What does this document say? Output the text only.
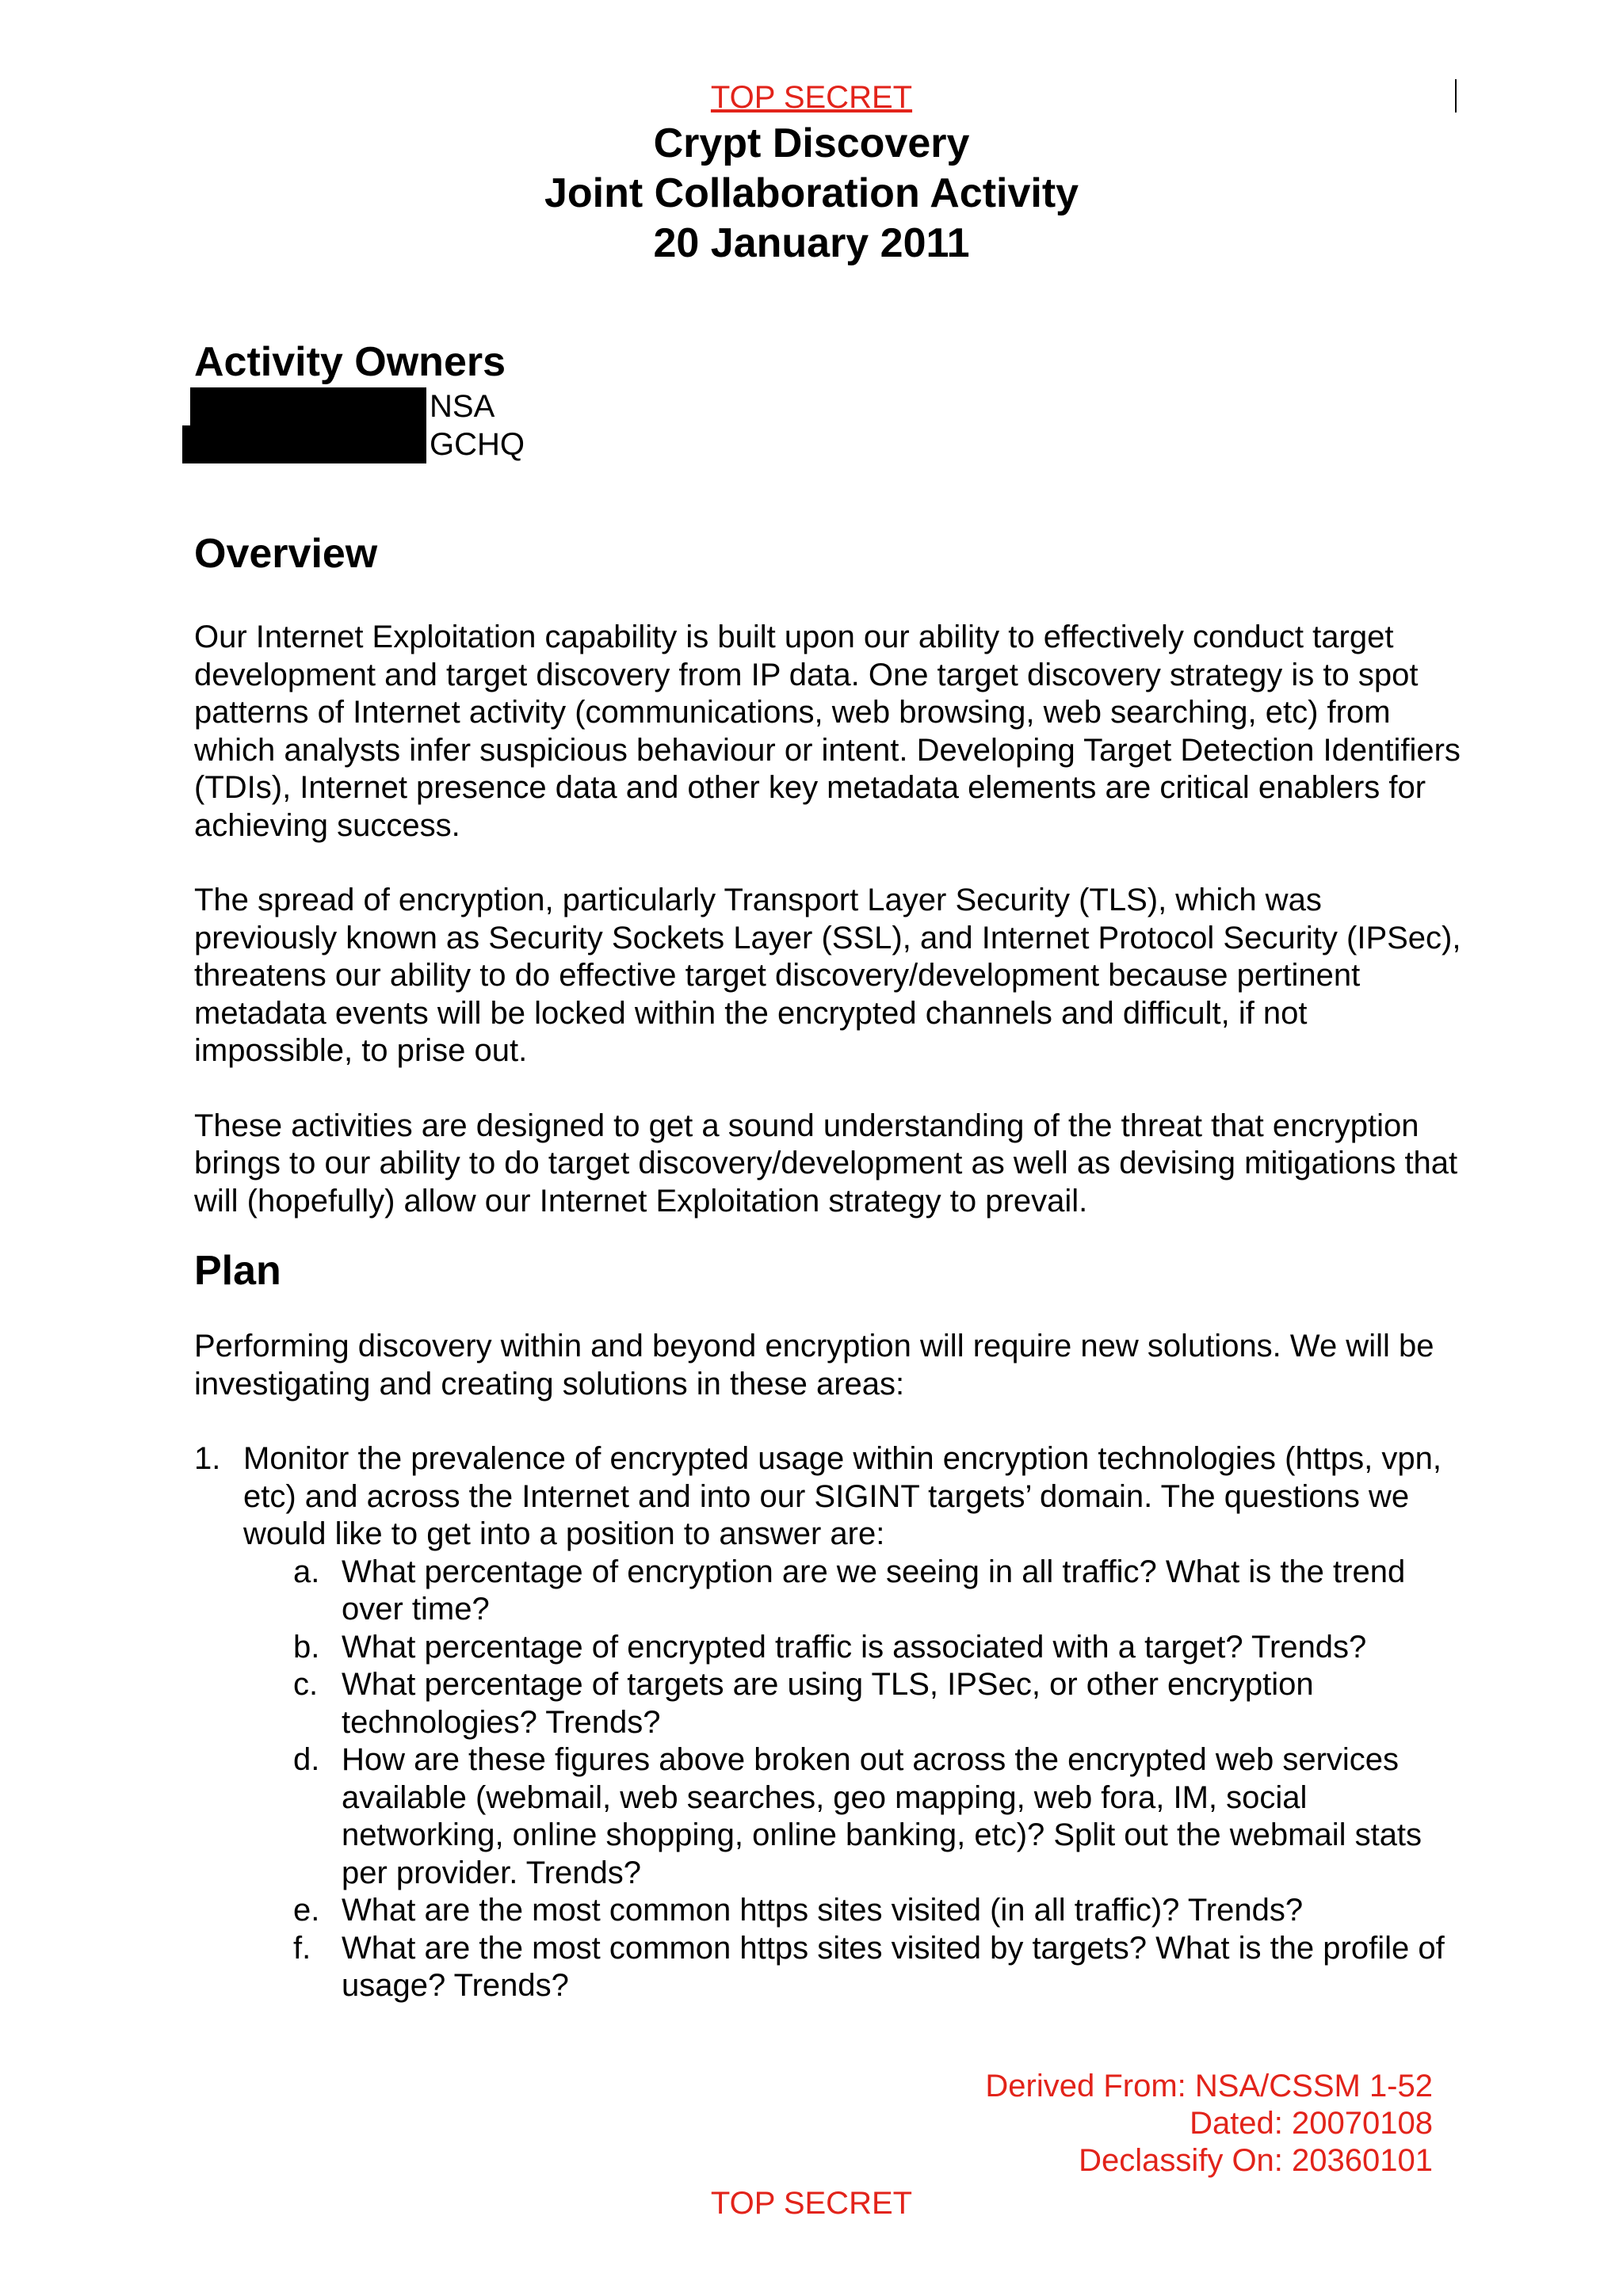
TOP SECRET
Crypt Discovery
Joint Collaboration Activity
20 January 2011
Activity Owners
NSA
GCHQ
Overview

Our Internet Exploitation capability is built upon our ability to effectively conduct target development and target discovery from IP data. One target discovery strategy is to spot patterns of Internet activity (communications, web browsing, web searching, etc) from which analysts infer suspicious behaviour or intent. Developing Target Detection Identifiers (TDIs), Internet presence data and other key metadata elements are critical enablers for achieving success.

The spread of encryption, particularly Transport Layer Security (TLS), which was previously known as Security Sockets Layer (SSL), and Internet Protocol Security (IPSec), threatens our ability to do effective target discovery/development because pertinent metadata events will be locked within the encrypted channels and difficult, if not impossible, to prise out.

These activities are designed to get a sound understanding of the threat that encryption brings to our ability to do target discovery/development as well as devising mitigations that will (hopefully) allow our Internet Exploitation strategy to prevail.

Plan

Performing discovery within and beyond encryption will require new solutions. We will be investigating and creating solutions in these areas:

1. Monitor the prevalence of encrypted usage within encryption technologies (https, vpn, etc) and across the Internet and into our SIGINT targets’ domain. The questions we would like to get into a position to answer are:
a. What percentage of encryption are we seeing in all traffic? What is the trend over time?
b. What percentage of encrypted traffic is associated with a target? Trends?
c. What percentage of targets are using TLS, IPSec, or other encryption technologies? Trends?
d. How are these figures above broken out across the encrypted web services available (webmail, web searches, geo mapping, web fora, IM, social networking, online shopping, online banking, etc)? Split out the webmail stats per provider. Trends?
e. What are the most common https sites visited (in all traffic)? Trends?
f. What are the most common https sites visited by targets? What is the profile of usage? Trends?
Derived From: NSA/CSSM 1-52
Dated: 20070108
Declassify On: 20360101
TOP SECRET
